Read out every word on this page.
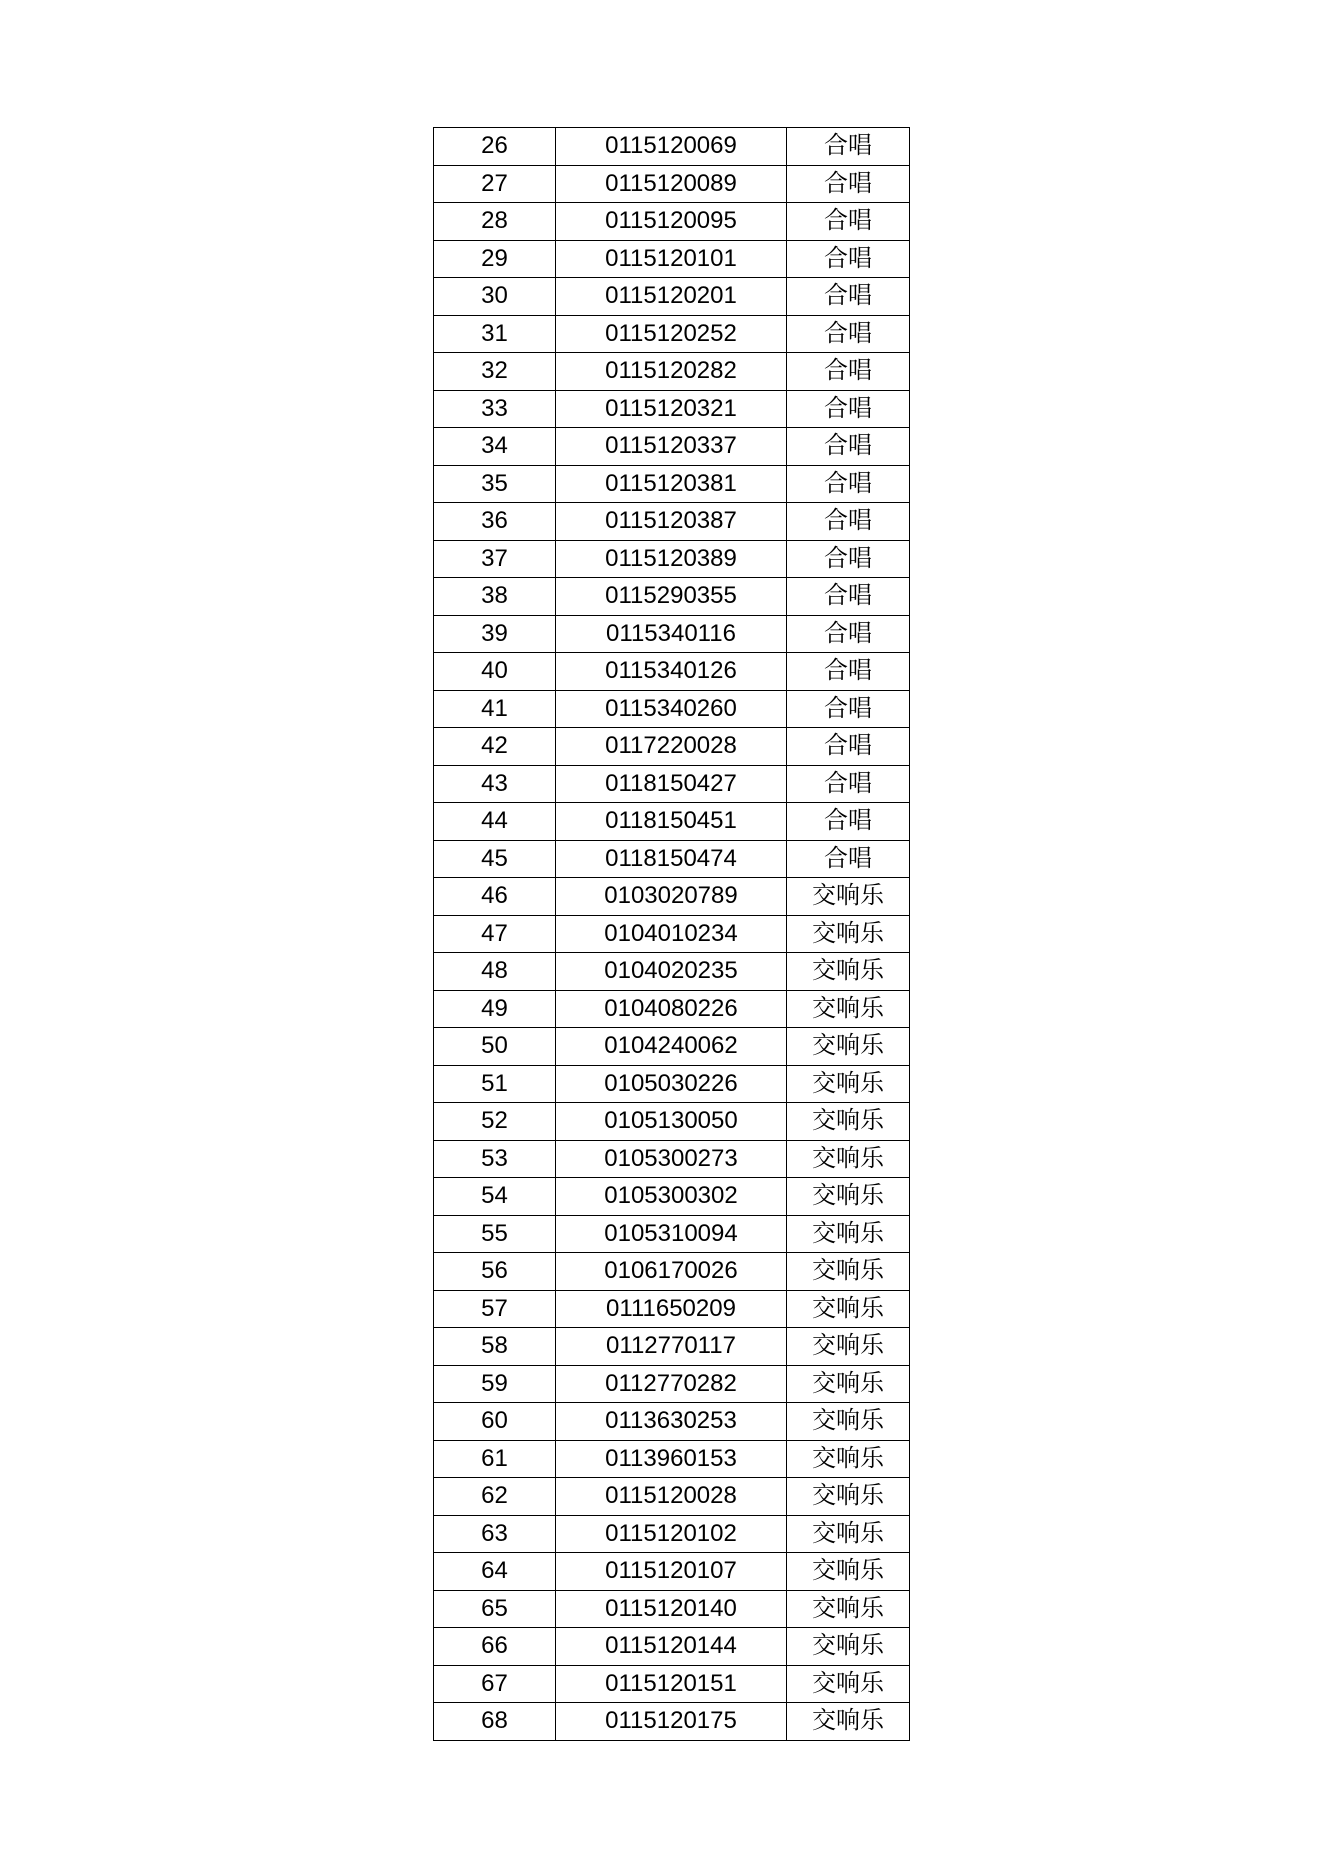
26	0115120069	合唱
27	0115120089	合唱
28	0115120095	合唱
29	0115120101	合唱
30	0115120201	合唱
31	0115120252	合唱
32	0115120282	合唱
33	0115120321	合唱
34	0115120337	合唱
35	0115120381	合唱
36	0115120387	合唱
37	0115120389	合唱
38	0115290355	合唱
39	0115340116	合唱
40	0115340126	合唱
41	0115340260	合唱
42	0117220028	合唱
43	0118150427	合唱
44	0118150451	合唱
45	0118150474	合唱
46	0103020789	交响乐
47	0104010234	交响乐
48	0104020235	交响乐
49	0104080226	交响乐
50	0104240062	交响乐
51	0105030226	交响乐
52	0105130050	交响乐
53	0105300273	交响乐
54	0105300302	交响乐
55	0105310094	交响乐
56	0106170026	交响乐
57	0111650209	交响乐
58	0112770117	交响乐
59	0112770282	交响乐
60	0113630253	交响乐
61	0113960153	交响乐
62	0115120028	交响乐
63	0115120102	交响乐
64	0115120107	交响乐
65	0115120140	交响乐
66	0115120144	交响乐
67	0115120151	交响乐
68	0115120175	交响乐
